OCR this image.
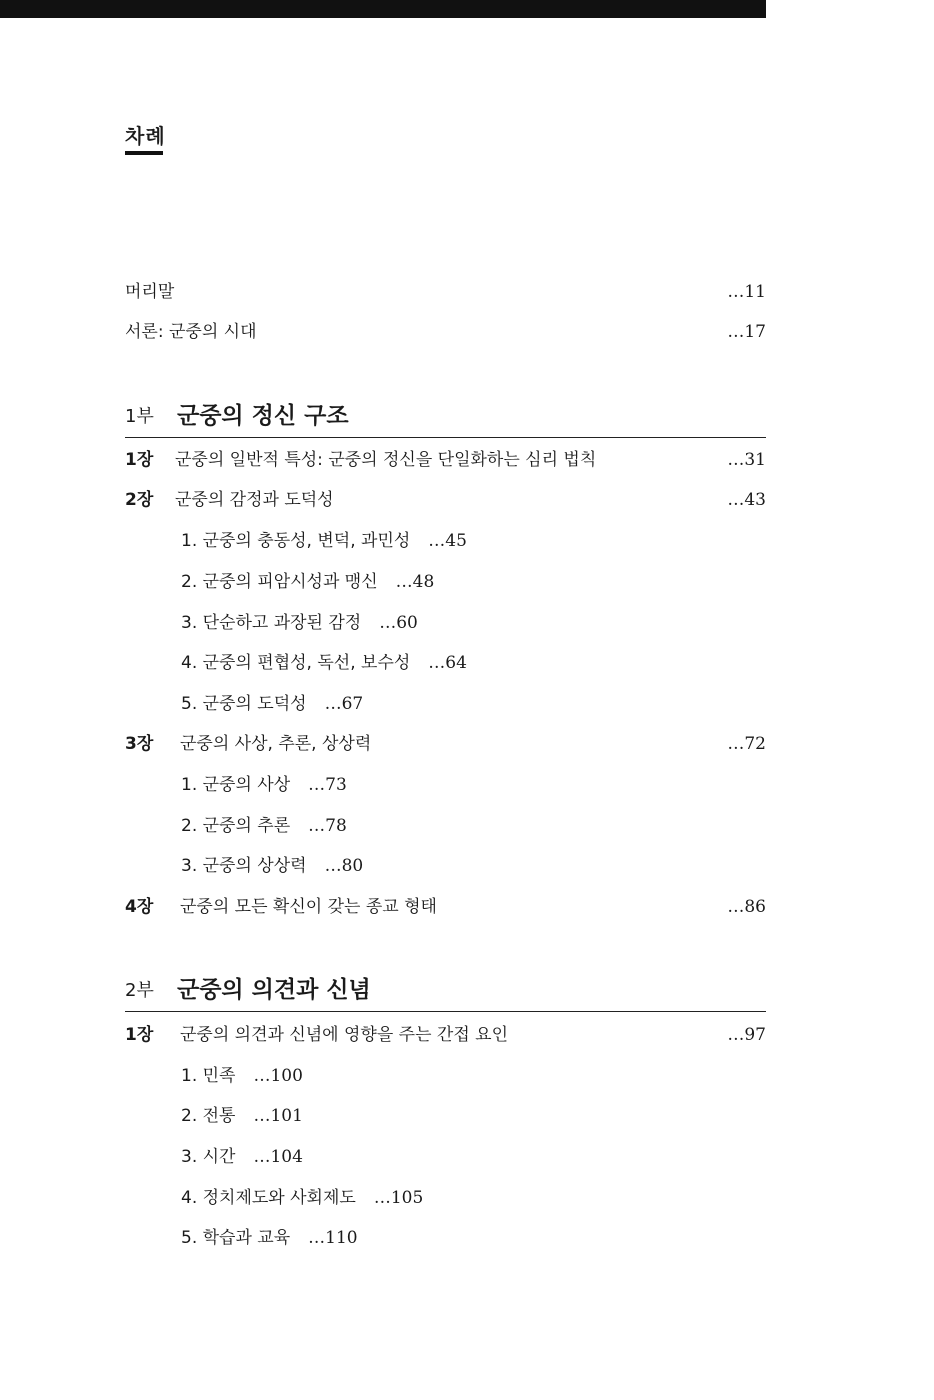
차례
머리말	…11
서론: 군중의 시대	…17
1부 군중의 정신 구조
1장 군중의 일반적 특성: 군중의 정신을 단일화하는 심리 법칙	…31
2장 군중의 감정과 도덕성	…43
1. 군중의 충동성, 변덕, 과민성 …45
2. 군중의 피암시성과 맹신 …48
3. 단순하고 과장된 감정 …60
4. 군중의 편협성, 독선, 보수성 …64
5. 군중의 도덕성 …67
3장 군중의 사상, 추론, 상상력	…72
1. 군중의 사상 …73
2. 군중의 추론 …78
3. 군중의 상상력 …80
4장 군중의 모든 확신이 갖는 종교 형태	…86
2부 군중의 의견과 신념
1장 군중의 의견과 신념에 영향을 주는 간접 요인	…97
1. 민족 …100
2. 전통 …101
3. 시간 …104
4. 정치제도와 사회제도 …105
5. 학습과 교육 …110
